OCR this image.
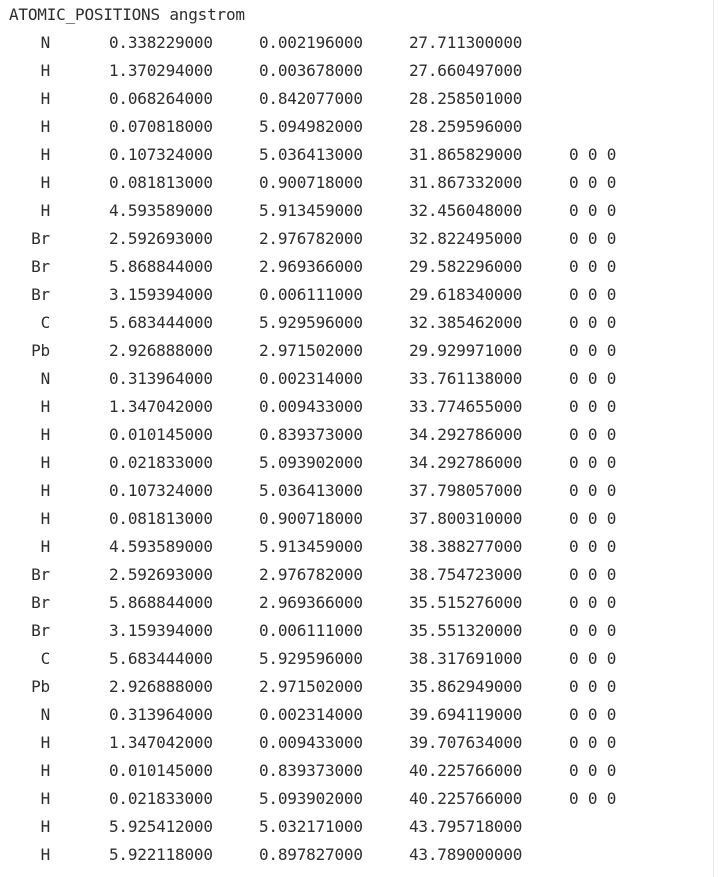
ATOMIC_POSITIONS angstrom
N	0.338229000	0.002196000	27.711300000
H	1.370294000	0.003678000	27.660497000
H	0.068264000	0.842077000	28.258501000
H	0.070818000	5.094982000	28.259596000
H	0.107324000	5.036413000	31.865829000	0 0 0
H	0.081813000	0.900718000	31.867332000	0 0 0
H	4.593589000	5.913459000	32.456048000	0 0 0
Br	2.592693000	2.976782000	32.822495000	0 0 0
Br	5.868844000	2.969366000	29.582296000	0 0 0
Br	3.159394000	0.006111000	29.618340000	0 0 0
C	5.683444000	5.929596000	32.385462000	0 0 0
Pb	2.926888000	2.971502000	29.929971000	0 0 0
N	0.313964000	0.002314000	33.761138000	0 0 0
H	1.347042000	0.009433000	33.774655000	0 0 0
H	0.010145000	0.839373000	34.292786000	0 0 0
H	0.021833000	5.093902000	34.292786000	0 0 0
H	0.107324000	5.036413000	37.798057000	0 0 0
H	0.081813000	0.900718000	37.800310000	0 0 0
H	4.593589000	5.913459000	38.388277000	0 0 0
Br	2.592693000	2.976782000	38.754723000	0 0 0
Br	5.868844000	2.969366000	35.515276000	0 0 0
Br	3.159394000	0.006111000	35.551320000	0 0 0
C	5.683444000	5.929596000	38.317691000	0 0 0
Pb	2.926888000	2.971502000	35.862949000	0 0 0
N	0.313964000	0.002314000	39.694119000	0 0 0
H	1.347042000	0.009433000	39.707634000	0 0 0
H	0.010145000	0.839373000	40.225766000	0 0 0
H	0.021833000	5.093902000	40.225766000	0 0 0
H	5.925412000	5.032171000	43.795718000
H	5.922118000	0.897827000	43.789000000
